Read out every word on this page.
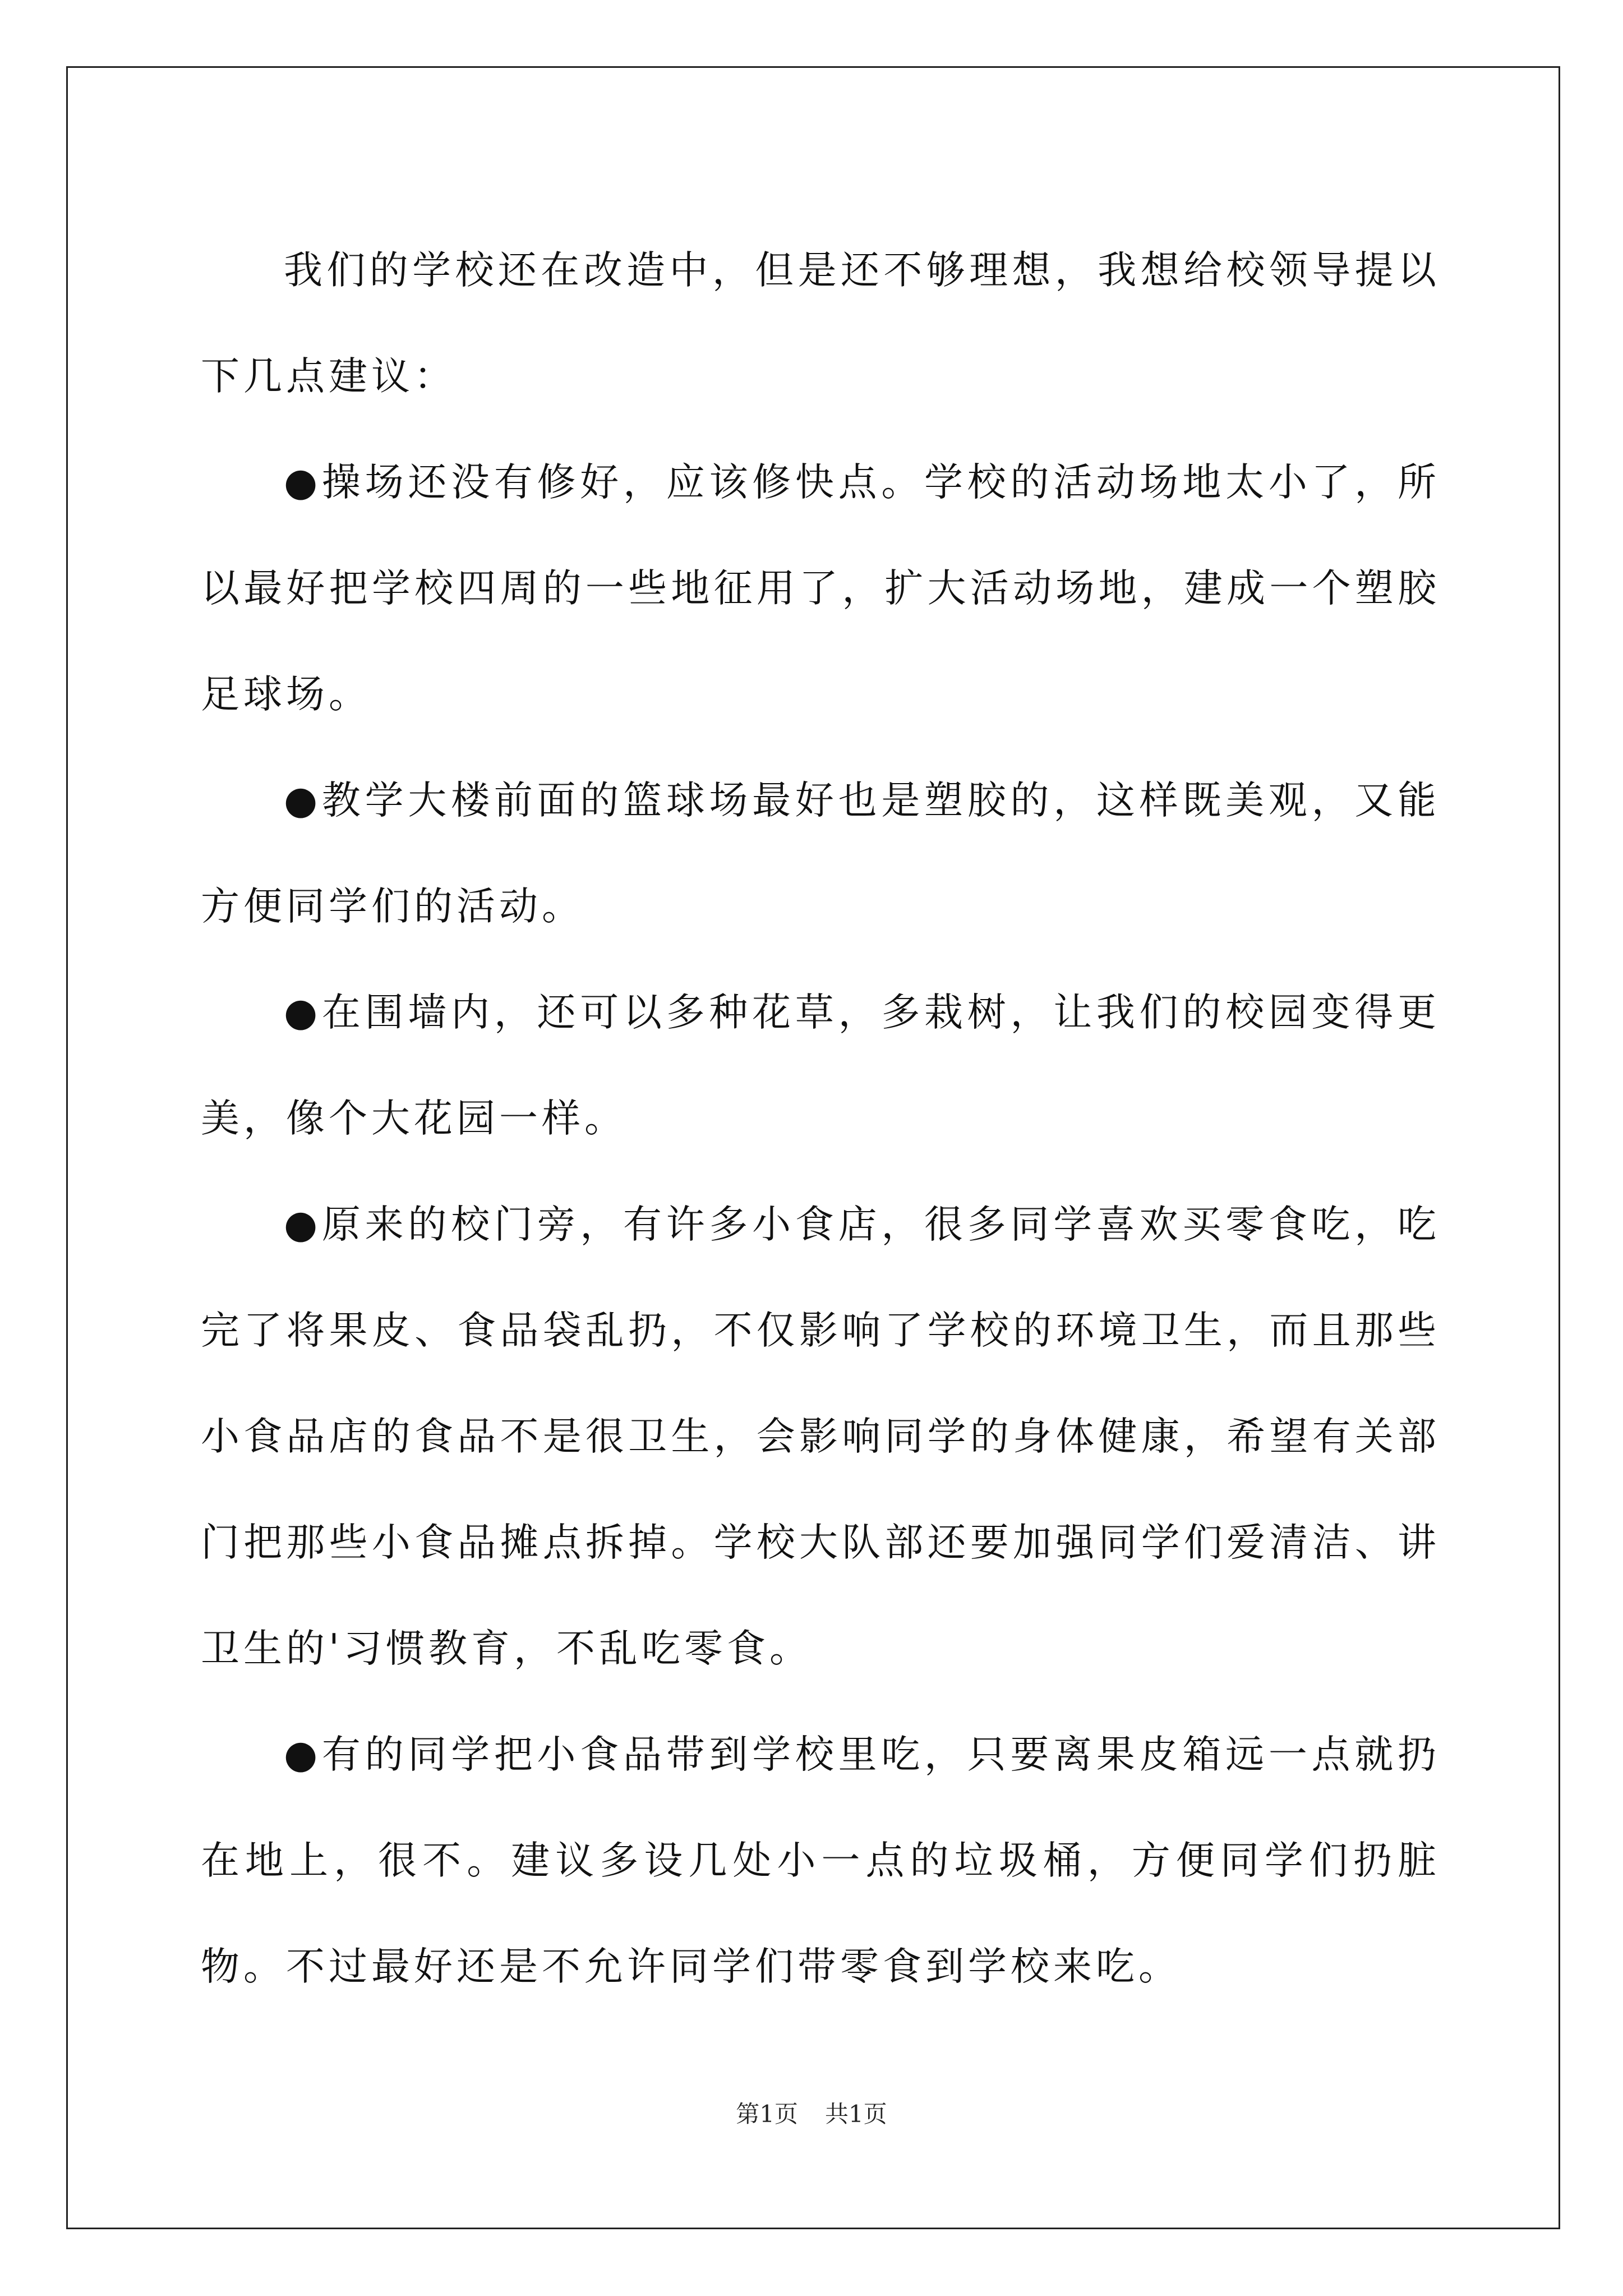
我们的学校还在改造中，但是还不够理想，我想给校领导提以下几点建议：

●操场还没有修好，应该修快点。学校的活动场地太小了，所以最好把学校四周的一些地征用了，扩大活动场地，建成一个塑胶足球场。

●教学大楼前面的篮球场最好也是塑胶的，这样既美观，又能方便同学们的活动。

●在围墙内，还可以多种花草，多栽树，让我们的校园变得更美，像个大花园一样。

●原来的校门旁，有许多小食店，很多同学喜欢买零食吃，吃完了将果皮、食品袋乱扔，不仅影响了学校的环境卫生，而且那些小食品店的食品不是很卫生，会影响同学的身体健康，希望有关部门把那些小食品摊点拆掉。学校大队部还要加强同学们爱清洁、讲卫生的'习惯教育，不乱吃零食。

●有的同学把小食品带到学校里吃，只要离果皮箱远一点就扔在地上，很不。建议多设几处小一点的垃圾桶，方便同学们扔脏物。不过最好还是不允许同学们带零食到学校来吃。

第1页 共1页
